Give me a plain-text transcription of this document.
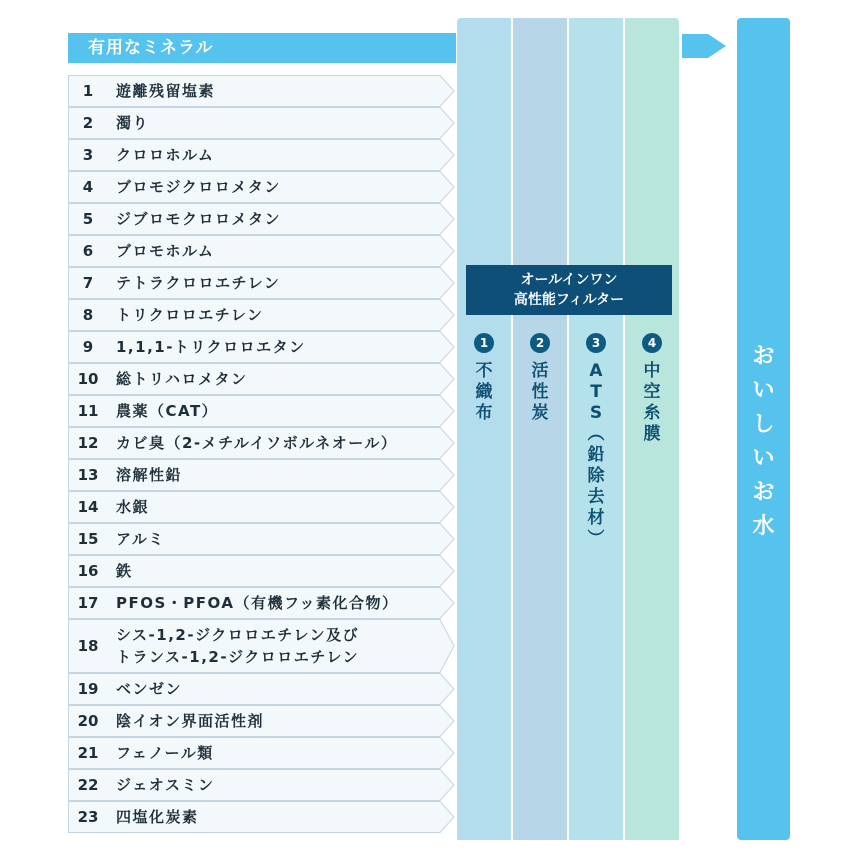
1
不
織
布
2
活
性
炭
3
A
T
S
︵
鉛
除
去
材
︶
4
中
空
糸
膜
オールインワン
高性能フィルター
有用なミネラル
お
い
し
い
お
水
1	遊離残留塩素
2	濁り
3	クロロホルム
4	ブロモジクロロメタン
5	ジブロモクロロメタン
6	ブロモホルム
7	テトラクロロエチレン
8	トリクロロエチレン
9	1,1,1-トリクロロエタン
10	総トリハロメタン
11	農薬（CAT）
12	カビ臭（2-メチルイソボルネオール）
13	溶解性鉛
14	水銀
15	アルミ
16	鉄
17	PFOS・PFOA（有機フッ素化合物）
18
シス-1,2-ジクロロエチレン及び
トランス-1,2-ジクロロエチレン
19	ベンゼン
20	陰イオン界面活性剤
21	フェノール類
22	ジェオスミン
23	四塩化炭素
